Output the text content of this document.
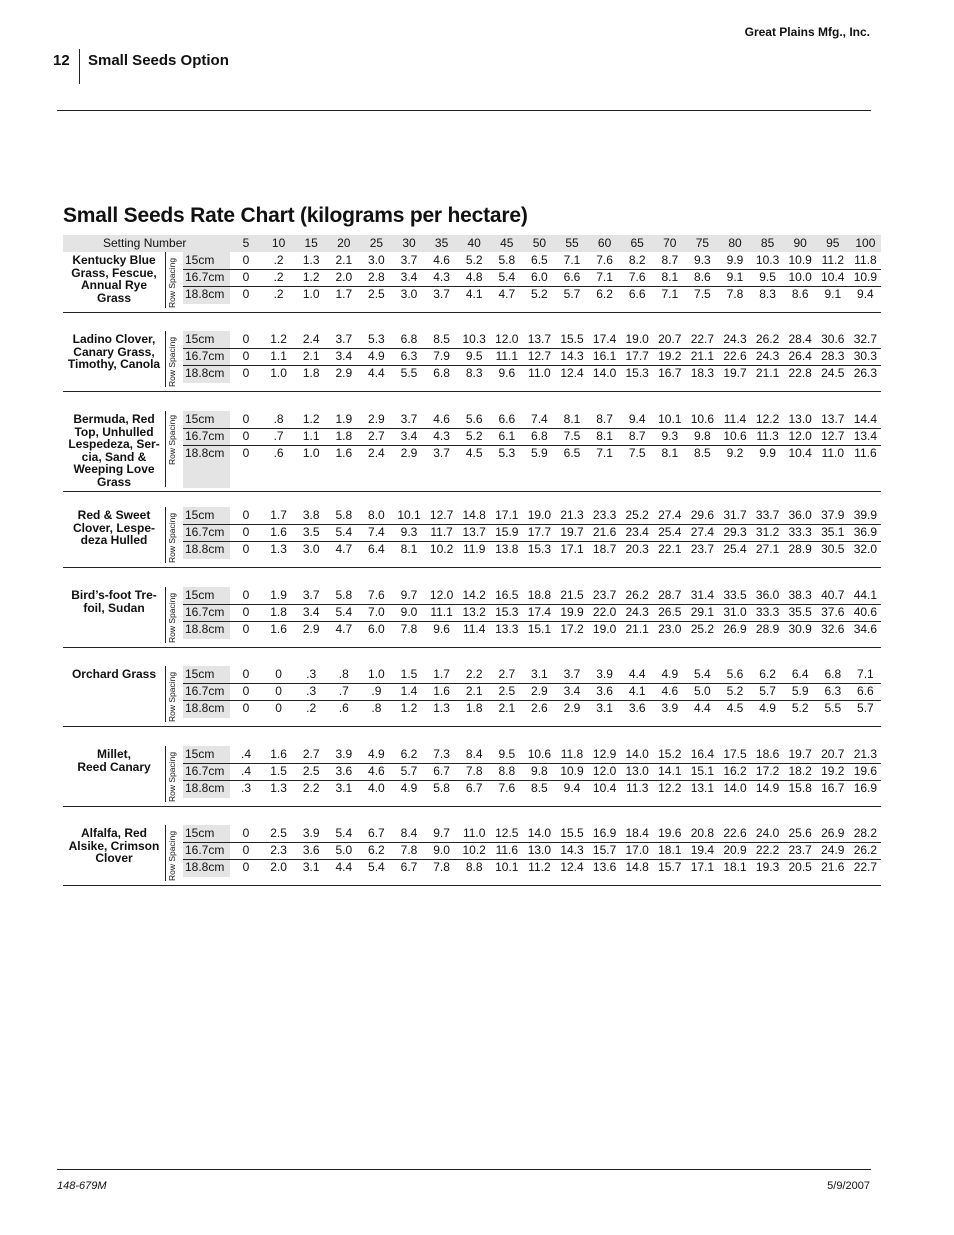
Great Plains Mfg., Inc.
12 Small Seeds Option
Small Seeds Rate Chart (kilograms per hectare)
Setting Number	5	10	15	20	25	30	35	40	45	50	55	60	65	70	75	80	85	90	95	100
Kentucky Blue
Grass, Fescue,
Annual Rye
Grass	Row Spacing 15cm	0	.2	1.3	2.1	3.0	3.7	4.6	5.2	5.8	6.5	7.1	7.6	8.2	8.7	9.3	9.9	10.3 10.9 11.2 11.8
16.7cm	0	.2	1.2	2.0	2.8	3.4	4.3	4.8	5.4	6.0	6.6	7.1	7.6	8.1	8.6	9.1	9.5	10.0 10.4 10.9
18.8cm	0	.2	1.0	1.7	2.5	3.0	3.7	4.1	4.7	5.2	5.7	6.2	6.6	7.1	7.5	7.8	8.3	8.6	9.1	9.4
Ladino Clover,
Canary Grass,
Timothy, Canola Row Spacing 15cm	0	1.2	2.4	3.7	5.3	6.8	8.5	10.3 12.0 13.7 15.5 17.4 19.0 20.7 22.7 24.3 26.2 28.4 30.6 32.7
16.7cm	0	1.1	2.1	3.4	4.9	6.3	7.9	9.5	11.1 12.7 14.3 16.1 17.7 19.2 21.1 22.6 24.3 26.4 28.3 30.3
18.8cm	0	1.0	1.8	2.9	4.4	5.5	6.8	8.3	9.6	11.0 12.4 14.0 15.3 16.7 18.3 19.7 21.1 22.8 24.5 26.3
Bermuda, Red
Top, Unhulled
Lespedeza, Ser-
cia, Sand &
Weeping Love
Grass
Row Spacing 15cm	0	.8	1.2	1.9	2.9	3.7	4.6	5.6	6.6	7.4	8.1	8.7	9.4	10.1 10.6 11.4 12.2 13.0 13.7 14.4
16.7cm	0	.7	1.1	1.8	2.7	3.4	4.3	5.2	6.1	6.8	7.5	8.1	8.7	9.3	9.8	10.6 11.3 12.0 12.7 13.4
18.8cm	0	.6	1.0	1.6	2.4	2.9	3.7	4.5	5.3	5.9	6.5	7.1	7.5	8.1	8.5	9.2	9.9	10.4 11.0 11.6
Red & Sweet
Clover, Lespe-
deza Hulled	Row Spacing 15cm	0	1.7	3.8	5.8	8.0	10.1 12.7 14.8 17.1 19.0 21.3 23.3 25.2 27.4 29.6 31.7 33.7 36.0 37.9 39.9
16.7cm	0	1.6	3.5	5.4	7.4	9.3	11.7 13.7 15.9 17.7 19.7 21.6 23.4 25.4 27.4 29.3 31.2 33.3 35.1 36.9
18.8cm	0	1.3	3.0	4.7	6.4	8.1	10.2 11.9 13.8 15.3 17.1 18.7 20.3 22.1 23.7 25.4 27.1 28.9 30.5 32.0
Bird’s-foot Tre-
foil, Sudan	Row Spacing 15cm	0	1.9	3.7	5.8	7.6	9.7	12.0 14.2 16.5 18.8 21.5 23.7 26.2 28.7 31.4 33.5 36.0 38.3 40.7 44.1
16.7cm	0	1.8	3.4	5.4	7.0	9.0	11.1 13.2 15.3 17.4 19.9 22.0 24.3 26.5 29.1 31.0 33.3 35.5 37.6 40.6
18.8cm	0	1.6	2.9	4.7	6.0	7.8	9.6	11.4 13.3 15.1 17.2 19.0 21.1 23.0 25.2 26.9 28.9 30.9 32.6 34.6
Orchard Grass	Row Spacing 15cm	0	0	.3	.8	1.0	1.5	1.7	2.2	2.7	3.1	3.7	3.9	4.4	4.9	5.4	5.6	6.2	6.4	6.8	7.1
16.7cm	0	0	.3	.7	.9	1.4	1.6	2.1	2.5	2.9	3.4	3.6	4.1	4.6	5.0	5.2	5.7	5.9	6.3	6.6
18.8cm	0	0	.2	.6	.8	1.2	1.3	1.8	2.1	2.6	2.9	3.1	3.6	3.9	4.4	4.5	4.9	5.2	5.5	5.7
Millet,
Reed Canary	Row Spacing 15cm	.4	1.6	2.7	3.9	4.9	6.2	7.3	8.4	9.5	10.6 11.8 12.9 14.0 15.2 16.4 17.5 18.6 19.7 20.7 21.3
16.7cm	.4	1.5	2.5	3.6	4.6	5.7	6.7	7.8	8.8	9.8	10.9 12.0 13.0 14.1 15.1 16.2 17.2 18.2 19.2 19.6
18.8cm	.3	1.3	2.2	3.1	4.0	4.9	5.8	6.7	7.6	8.5	9.4	10.4 11.3 12.2 13.1 14.0 14.9 15.8 16.7 16.9
Alfalfa, Red
Alsike, Crimson
Clover	Row Spacing 15cm	0	2.5	3.9	5.4	6.7	8.4	9.7	11.0 12.5 14.0 15.5 16.9 18.4 19.6 20.8 22.6 24.0 25.6 26.9 28.2
16.7cm	0	2.3	3.6	5.0	6.2	7.8	9.0	10.2 11.6 13.0 14.3 15.7 17.0 18.1 19.4 20.9 22.2 23.7 24.9 26.2
18.8cm	0	2.0	3.1	4.4	5.4	6.7	7.8	8.8	10.1 11.2 12.4 13.6 14.8 15.7 17.1 18.1 19.3 20.5 21.6 22.7
148-679M	5/9/2007
